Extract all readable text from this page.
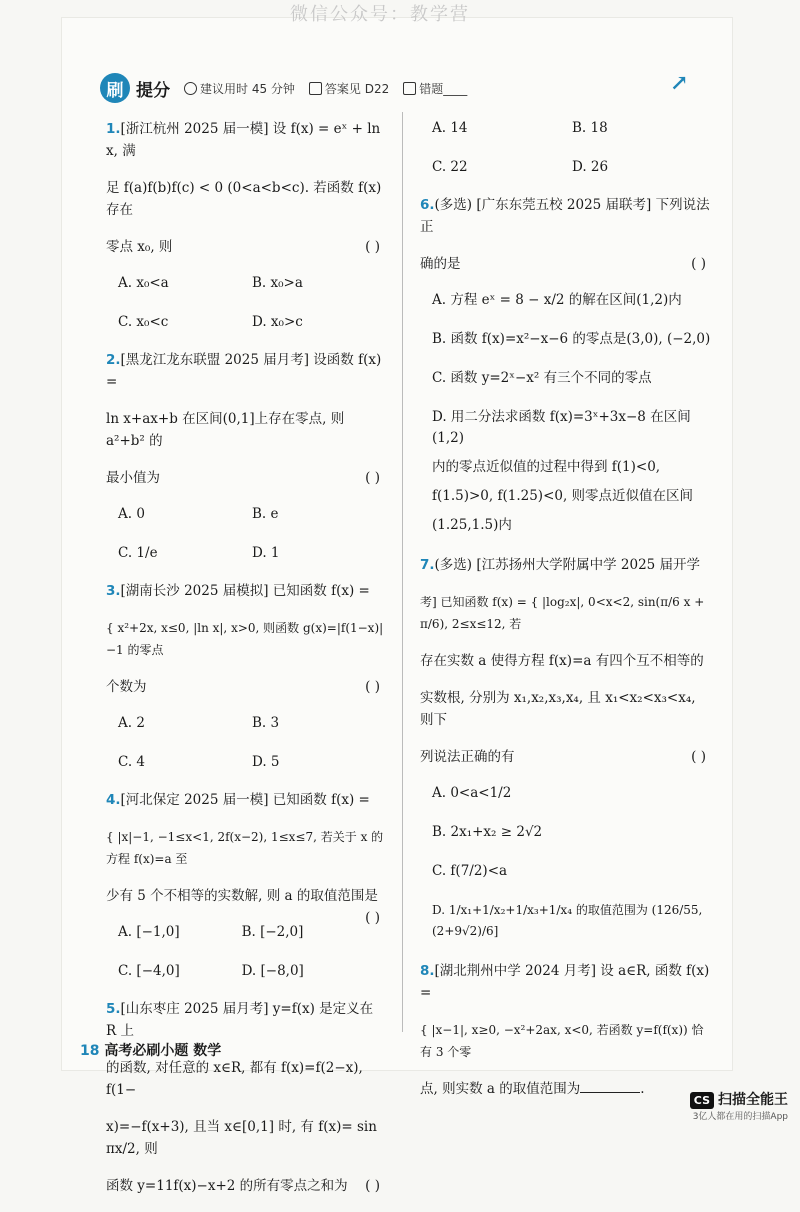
微信公众号：教学营
刷 提分	建议用时 45 分钟	答案见 D22	错题____	↗
1.[浙江杭州 2025 届一模] 设 f(x) = eˣ + ln x, 满
足 f(a)f(b)f(c) < 0 (0<a<b<c). 若函数 f(x) 存在
零点 x₀, 则	( )
A. x₀<a	B. x₀>a
C. x₀<c	D. x₀>c
2.[黑龙江龙东联盟 2025 届月考] 设函数 f(x) =
ln x+ax+b 在区间(0,1]上存在零点, 则 a²+b² 的
最小值为	( )
A. 0	B. e
C. 1/e	D. 1
3.[湖南长沙 2025 届模拟] 已知函数 f(x) =
{ x²+2x, x≤0, |ln x|, x>0, 则函数 g(x)=|f(1−x)|−1 的零点
个数为	( )
A. 2	B. 3
C. 4	D. 5
4.[河北保定 2025 届一模] 已知函数 f(x) =
{ |x|−1, −1≤x<1, 2f(x−2), 1≤x≤7, 若关于 x 的方程 f(x)=a 至
少有 5 个不相等的实数解, 则 a 的取值范围是
( )
A. [−1,0]	B. [−2,0]
C. [−4,0]	D. [−8,0]
5.[山东枣庄 2025 届月考] y=f(x) 是定义在 R 上
的函数, 对任意的 x∈R, 都有 f(x)=f(2−x), f(1−
x)=−f(x+3), 且当 x∈[0,1] 时, 有 f(x)= sin πx/2, 则
函数 y=11f(x)−x+2 的所有零点之和为 ( )
A. 14	B. 18
C. 22	D. 26
6.(多选) [广东东莞五校 2025 届联考] 下列说法正
确的是	( )
A. 方程 eˣ = 8 − x/2 的解在区间(1,2)内
B. 函数 f(x)=x²−x−6 的零点是(3,0), (−2,0)
C. 函数 y=2ˣ−x² 有三个不同的零点
D. 用二分法求函数 f(x)=3ˣ+3x−8 在区间(1,2)
内的零点近似值的过程中得到 f(1)<0,
f(1.5)>0, f(1.25)<0, 则零点近似值在区间
(1.25,1.5)内
7.(多选) [江苏扬州大学附属中学 2025 届开学
考] 已知函数 f(x) = { |log₂x|, 0<x<2, sin(π/6 x + π/6), 2≤x≤12, 若
存在实数 a 使得方程 f(x)=a 有四个互不相等的
实数根, 分别为 x₁,x₂,x₃,x₄, 且 x₁<x₂<x₃<x₄, 则下
列说法正确的有	( )
A. 0<a<1/2
B. 2x₁+x₂ ≥ 2√2
C. f(7/2)<a
D. 1/x₁+1/x₂+1/x₃+1/x₄ 的取值范围为 (126/55, (2+9√2)/6]
8.[湖北荆州中学 2024 月考] 设 a∈R, 函数 f(x) =
{ |x−1|, x≥0, −x²+2ax, x<0, 若函数 y=f(f(x)) 恰有 3 个零
点, 则实数 a 的取值范围为	.
18 高考必刷小题 数学
CS 扫描全能王
3亿人都在用的扫描App
